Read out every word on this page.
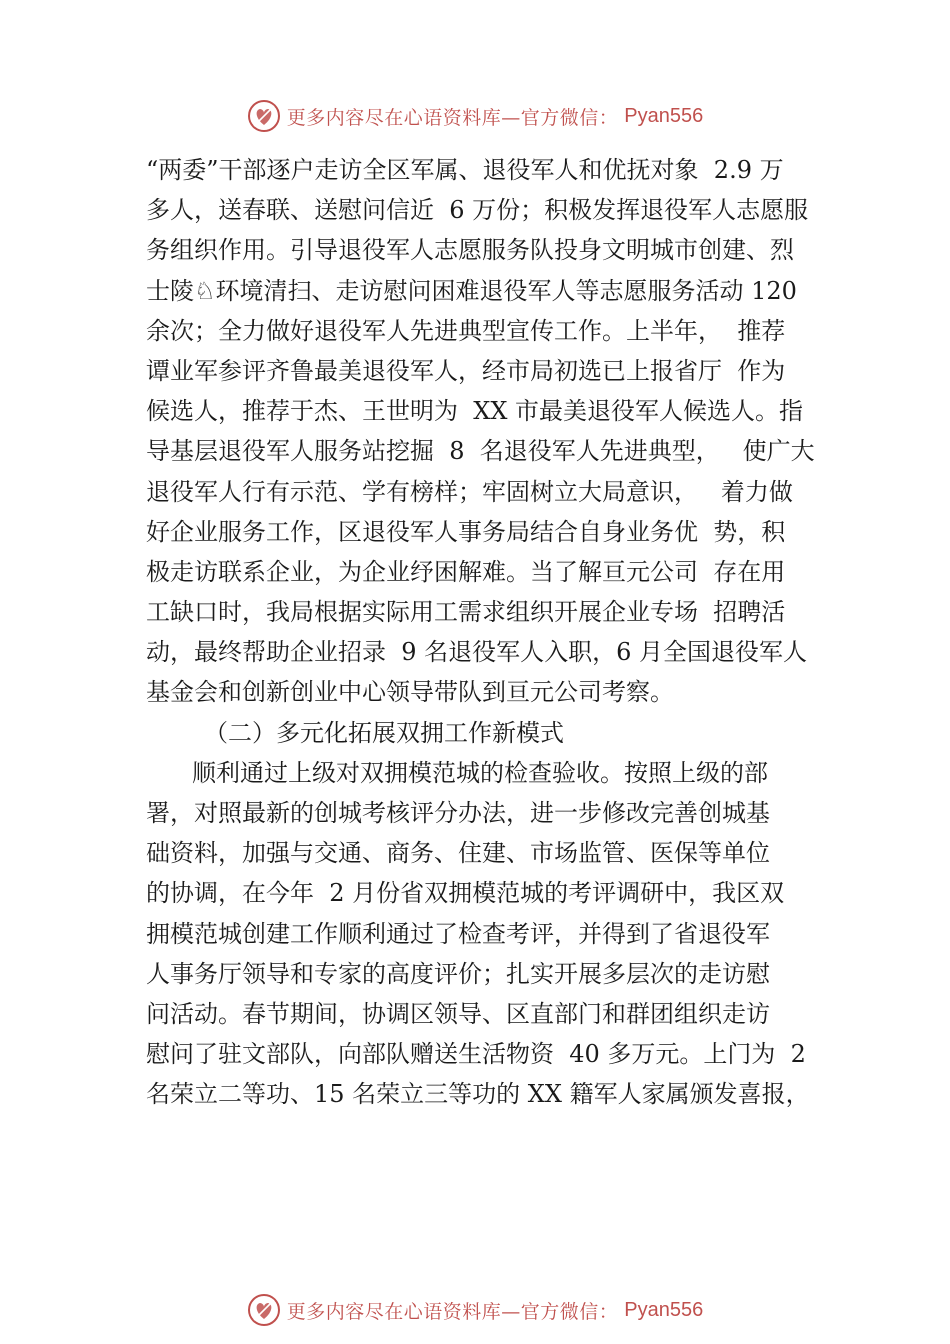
更多内容尽在心语资料库—官方微信： Pyan556
“两委”干部逐户走访全区军属、退役军人和优抚对象  2.9 万
多人，送春联、送慰问信近  6 万份；积极发挥退役军人志愿服
务组织作用。引导退役军人志愿服务队投身文明城市创建、烈
士陵♘环境清扫、走访慰问困难退役军人等志愿服务活动 120
余次；全力做好退役军人先进典型宣传工作。上半年，  推荐
谭业军参评齐鲁最美退役军人，经市局初选已上报省厅  作为
候选人，推荐于杰、王世明为  XX 市最美退役军人候选人。指
导基层退役军人服务站挖掘  8  名退役军人先进典型，   使广大
退役军人行有示范、学有榜样；牢固树立大局意识，   着力做
好企业服务工作，区退役军人事务局结合自身业务优  势，积
极走访联系企业，为企业纾困解难。当了解亘元公司  存在用
工缺口时，我局根据实际用工需求组织开展企业专场  招聘活
动，最终帮助企业招录  9 名退役军人入职，6 月全国退役军人
基金会和创新创业中心领导带队到亘元公司考察。
（二）多元化拓展双拥工作新模式
顺利通过上级对双拥模范城的检查验收。按照上级的部
署，对照最新的创城考核评分办法，进一步修改完善创城基
础资料，加强与交通、商务、住建、市场监管、医保等单位
的协调，在今年  2 月份省双拥模范城的考评调研中，我区双
拥模范城创建工作顺利通过了检查考评，并得到了省退役军
人事务厅领导和专家的高度评价；扎实开展多层次的走访慰
问活动。春节期间，协调区领导、区直部门和群团组织走访
慰问了驻文部队，向部队赠送生活物资  40 多万元。上门为  2
名荣立二等功、15 名荣立三等功的 XX 籍军人家属颁发喜报，
更多内容尽在心语资料库—官方微信： Pyan556
